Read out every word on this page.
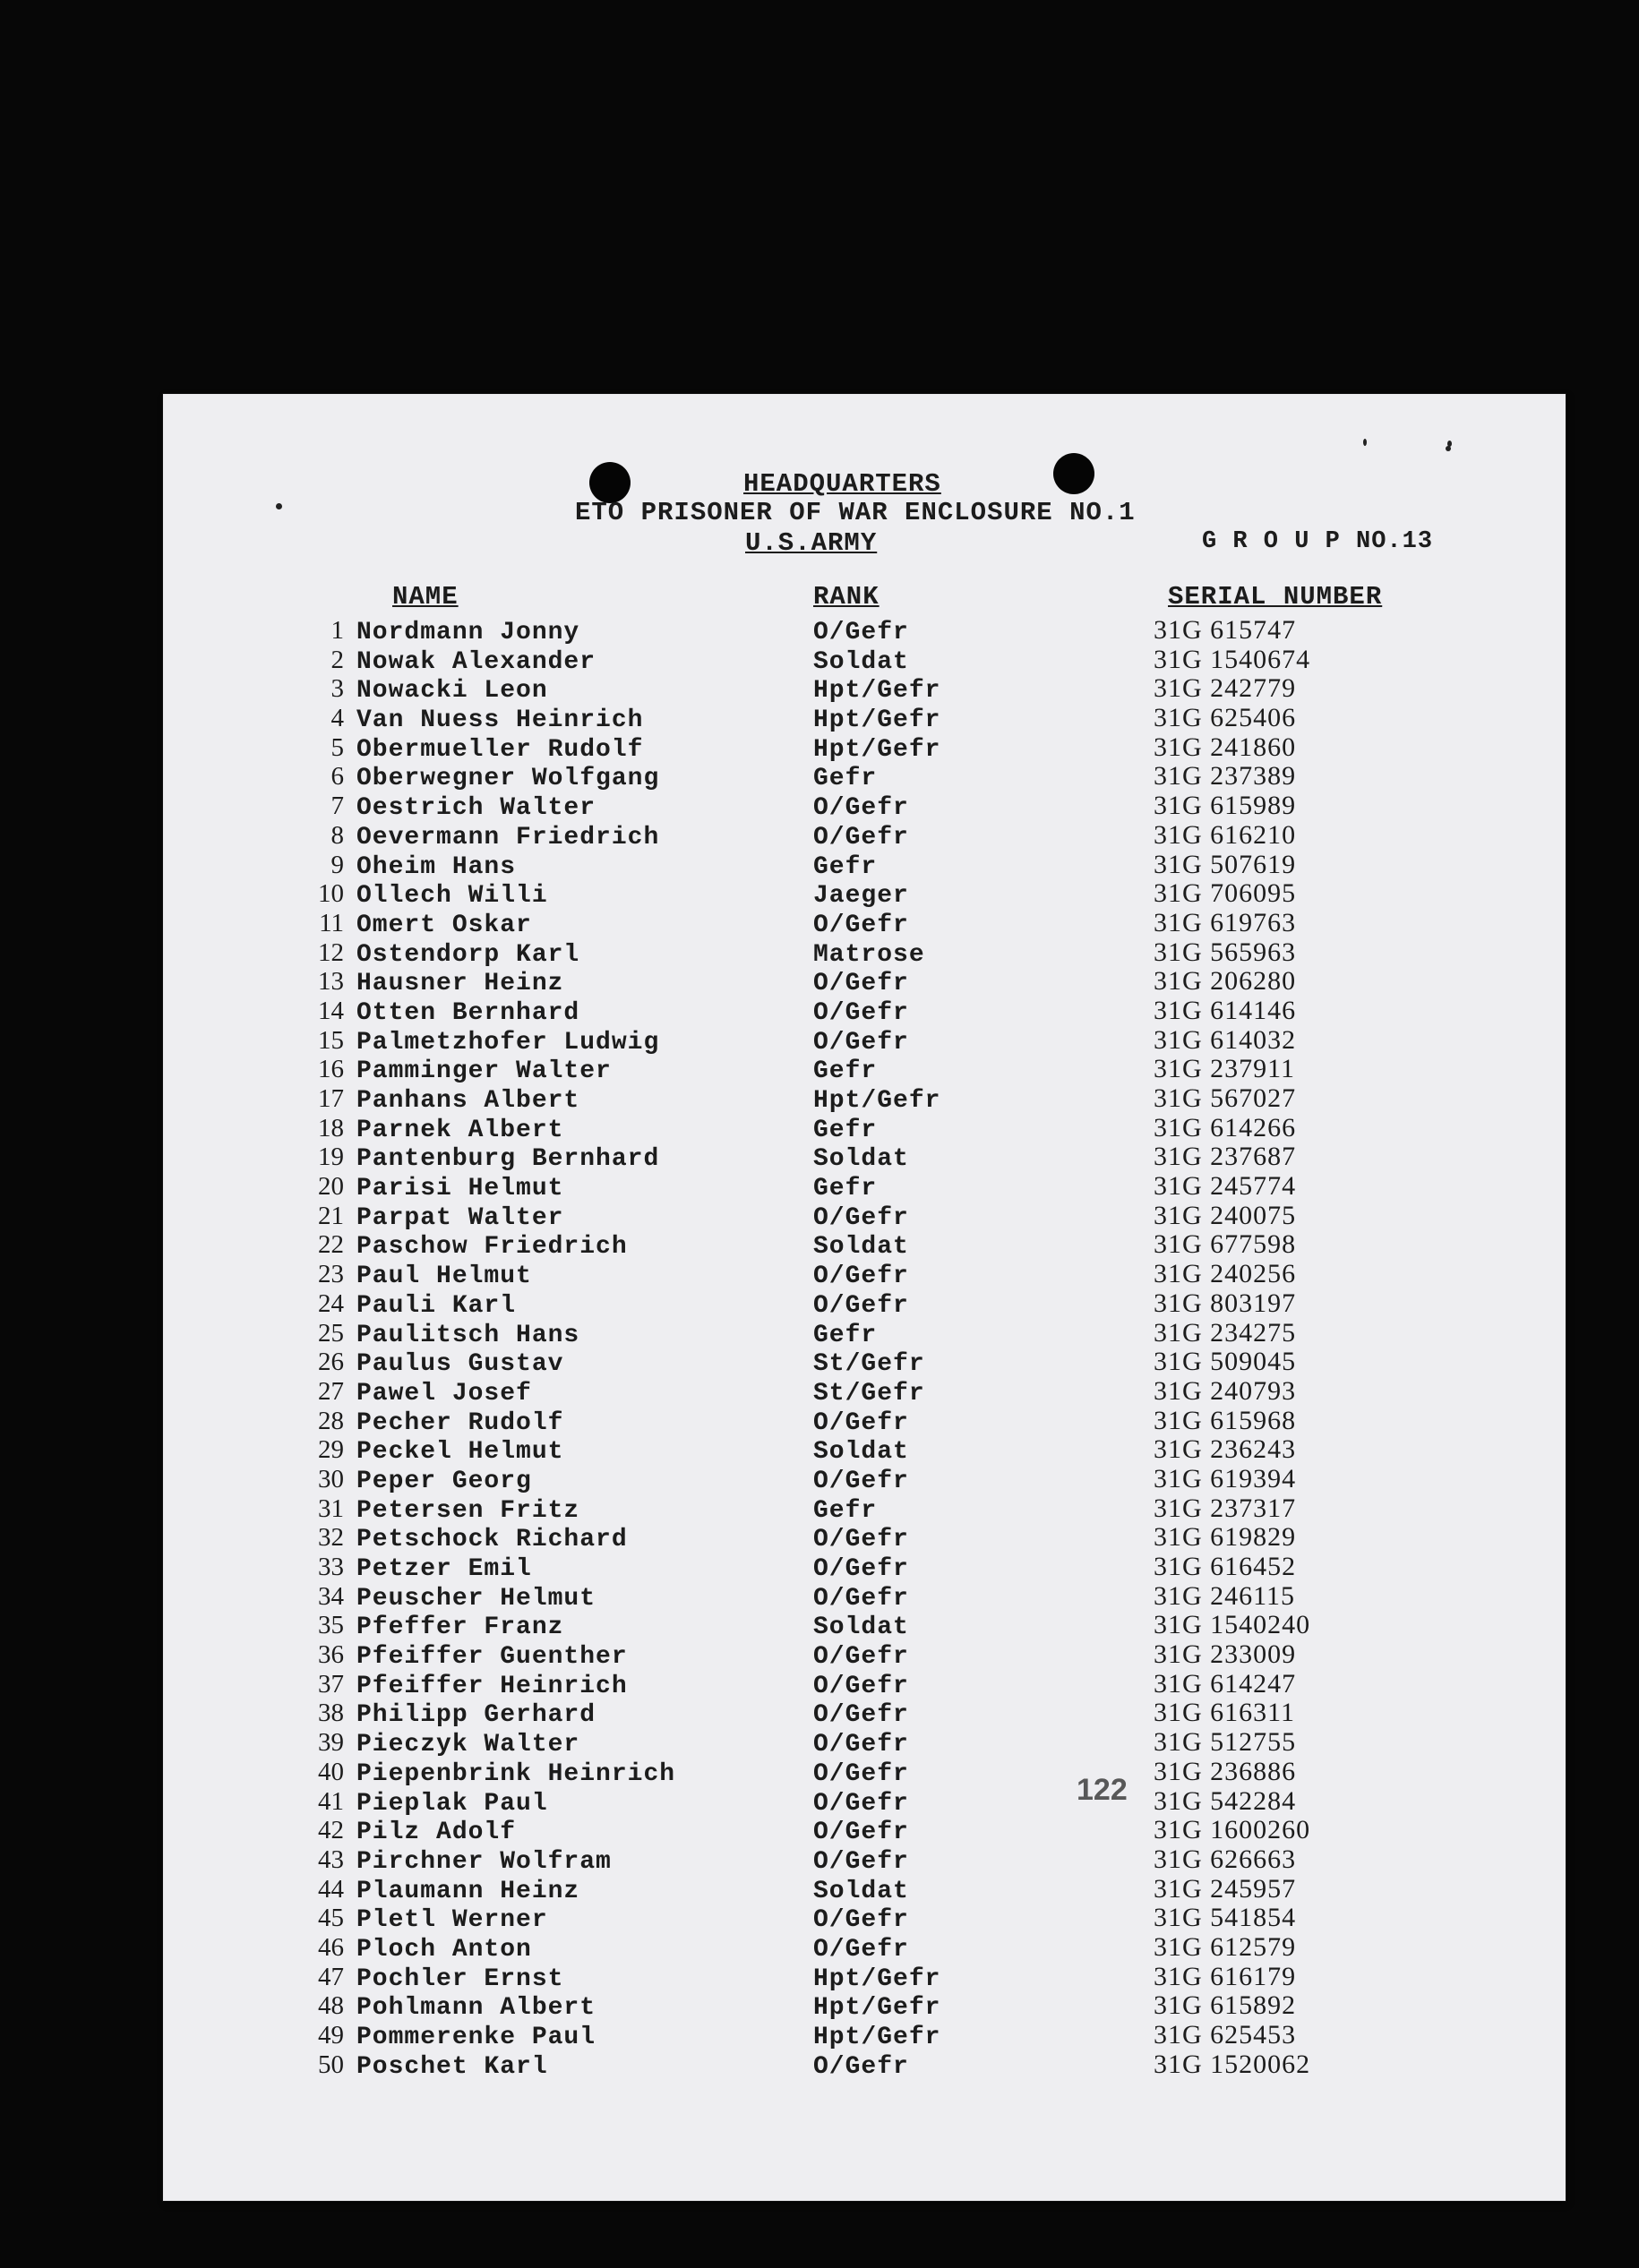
HEADQUARTERS
ETO PRISONER OF WAR ENCLOSURE NO.1
U.S.ARMY	G R O U P NO.13
NAME	RANK	SERIAL NUMBER
1 Nordmann Jonny	O/Gefr	31G 615747
2 Nowak Alexander	Soldat	31G 1540674
3 Nowacki Leon	Hpt/Gefr	31G 242779
4 Van Nuess Heinrich	Hpt/Gefr	31G 625406
5 Obermueller Rudolf	Hpt/Gefr	31G 241860
6 Oberwegner Wolfgang	Gefr	31G 237389
7 Oestrich Walter	O/Gefr	31G 615989
8 Oevermann Friedrich	O/Gefr	31G 616210
9 Oheim Hans	Gefr	31G 507619
10 Ollech Willi	Jaeger	31G 706095
11 Omert Oskar	O/Gefr	31G 619763
12 Ostendorp Karl	Matrose	31G 565963
13 Hausner Heinz	O/Gefr	31G 206280
14 Otten Bernhard	O/Gefr	31G 614146
15 Palmetzhofer Ludwig	O/Gefr	31G 614032
16 Pamminger Walter	Gefr	31G 237911
17 Panhans Albert	Hpt/Gefr	31G 567027
18 Parnek Albert	Gefr	31G 614266
19 Pantenburg Bernhard	Soldat	31G 237687
20 Parisi Helmut	Gefr	31G 245774
21 Parpat Walter	O/Gefr	31G 240075
22 Paschow Friedrich	Soldat	31G 677598
23 Paul Helmut	O/Gefr	31G 240256
24 Pauli Karl	O/Gefr	31G 803197
25 Paulitsch Hans	Gefr	31G 234275
26 Paulus Gustav	St/Gefr	31G 509045
27 Pawel Josef	St/Gefr	31G 240793
28 Pecher Rudolf	O/Gefr	31G 615968
29 Peckel Helmut	Soldat	31G 236243
30 Peper Georg	O/Gefr	31G 619394
31 Petersen Fritz	Gefr	31G 237317
32 Petschock Richard	O/Gefr	31G 619829
33 Petzer Emil	O/Gefr	31G 616452
34 Peuscher Helmut	O/Gefr	31G 246115
35 Pfeffer Franz	Soldat	31G 1540240
36 Pfeiffer Guenther	O/Gefr	31G 233009
37 Pfeiffer Heinrich	O/Gefr	31G 614247
38 Philipp Gerhard	O/Gefr	31G 616311
39 Pieczyk Walter	O/Gefr	31G 512755
40 Piepenbrink Heinrich	O/Gefr	31G 236886
41 Pieplak Paul	O/Gefr	31G 542284
42 Pilz Adolf	O/Gefr	31G 1600260
43 Pirchner Wolfram	O/Gefr	31G 626663
44 Plaumann Heinz	Soldat	31G 245957
45 Pletl Werner	O/Gefr	31G 541854
46 Ploch Anton	O/Gefr	31G 612579
47 Pochler Ernst	Hpt/Gefr	31G 616179
48 Pohlmann Albert	Hpt/Gefr	31G 615892
49 Pommerenke Paul	Hpt/Gefr	31G 625453
50 Poschet Karl	O/Gefr	31G 1520062
122
